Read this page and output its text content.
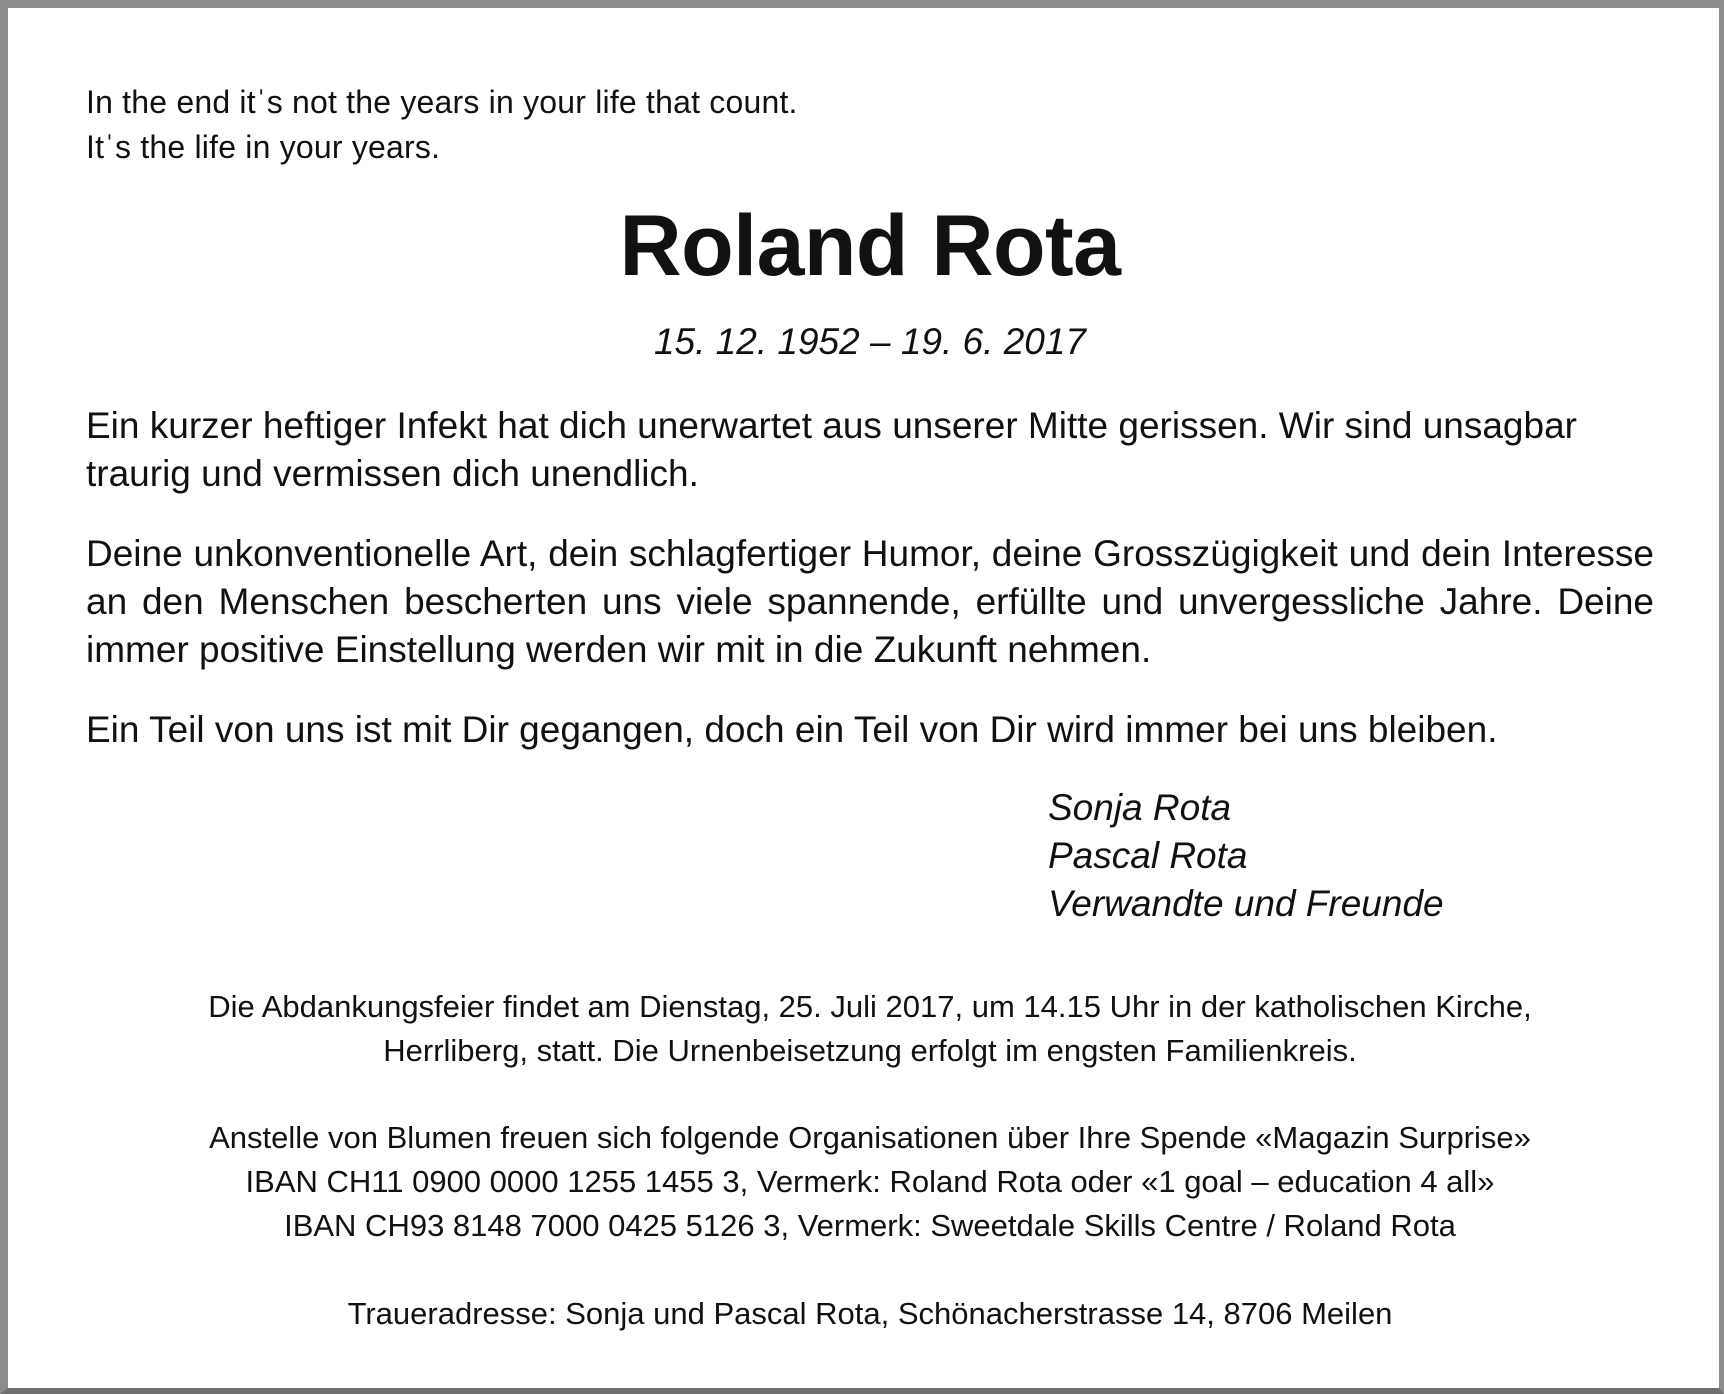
In the end itˈs not the years in your life that count.
Itˈs the life in your years.
Roland Rota
15. 12. 1952 – 19. 6. 2017
Ein kurzer heftiger Infekt hat dich unerwartet aus unserer Mitte gerissen. Wir sind unsagbar traurig und vermissen dich unendlich.
Deine unkonventionelle Art, dein schlagfertiger Humor, deine Grosszügigkeit und dein Interesse an den Menschen bescherten uns viele spannende, erfüllte und unvergessliche Jahre. Deine immer positive Einstellung werden wir mit in die Zukunft nehmen.
Ein Teil von uns ist mit Dir gegangen, doch ein Teil von Dir wird immer bei uns bleiben.
Sonja Rota
Pascal Rota
Verwandte und Freunde
Die Abdankungsfeier findet am Dienstag, 25. Juli 2017, um 14.15 Uhr in der katholischen Kirche,
Herrliberg, statt. Die Urnenbeisetzung erfolgt im engsten Familienkreis.
Anstelle von Blumen freuen sich folgende Organisationen über Ihre Spende «Magazin Surprise»
IBAN CH11 0900 0000 1255 1455 3, Vermerk: Roland Rota oder «1 goal – education 4 all»
IBAN CH93 8148 7000 0425 5126 3, Vermerk: Sweetdale Skills Centre / Roland Rota
Traueradresse: Sonja und Pascal Rota, Schönacherstrasse 14, 8706 Meilen
